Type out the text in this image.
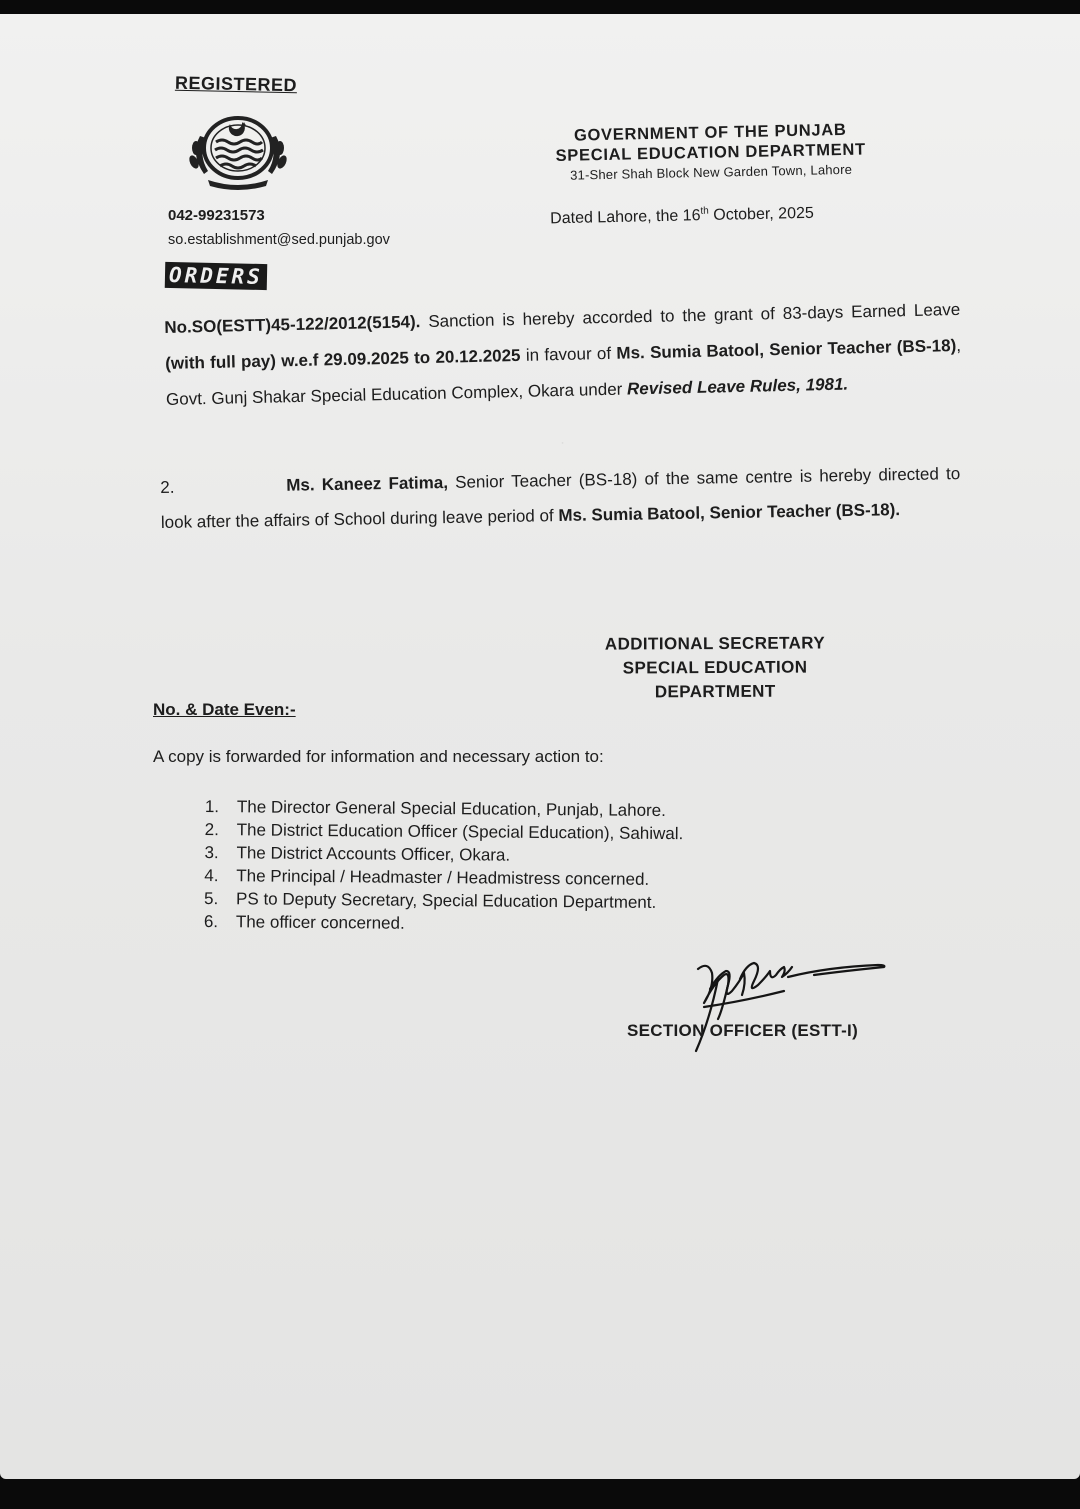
·
REGISTERED
042-99231573
so.establishment@sed.punjab.gov
ORDERS
GOVERNMENT OF THE PUNJAB
SPECIAL EDUCATION DEPARTMENT
31-Sher Shah Block New Garden Town, Lahore
Dated Lahore, the 16th October, 2025
No.SO(ESTT)45-122/2012(5154). Sanction is hereby accorded to the grant of 83-days Earned Leave (with full pay) w.e.f 29.09.2025 to 20.12.2025 in favour of Ms. Sumia Batool, Senior Teacher (BS-18), Govt. Gunj Shakar Special Education Complex, Okara under Revised Leave Rules, 1981.
2.	Ms. Kaneez Fatima, Senior Teacher (BS-18) of the same centre is hereby directed to look after the affairs of School during leave period of Ms. Sumia Batool, Senior Teacher (BS-18).
ADDITIONAL SECRETARY
SPECIAL EDUCATION
DEPARTMENT
No. & Date Even:-
A copy is forwarded for information and necessary action to:
1.	The Director General Special Education, Punjab, Lahore.
2.	The District Education Officer (Special Education), Sahiwal.
3.	The District Accounts Officer, Okara.
4.	The Principal / Headmaster / Headmistress concerned.
5.	PS to Deputy Secretary, Special Education Department.
6.	The officer concerned.
SECTION OFFICER (ESTT-I)
